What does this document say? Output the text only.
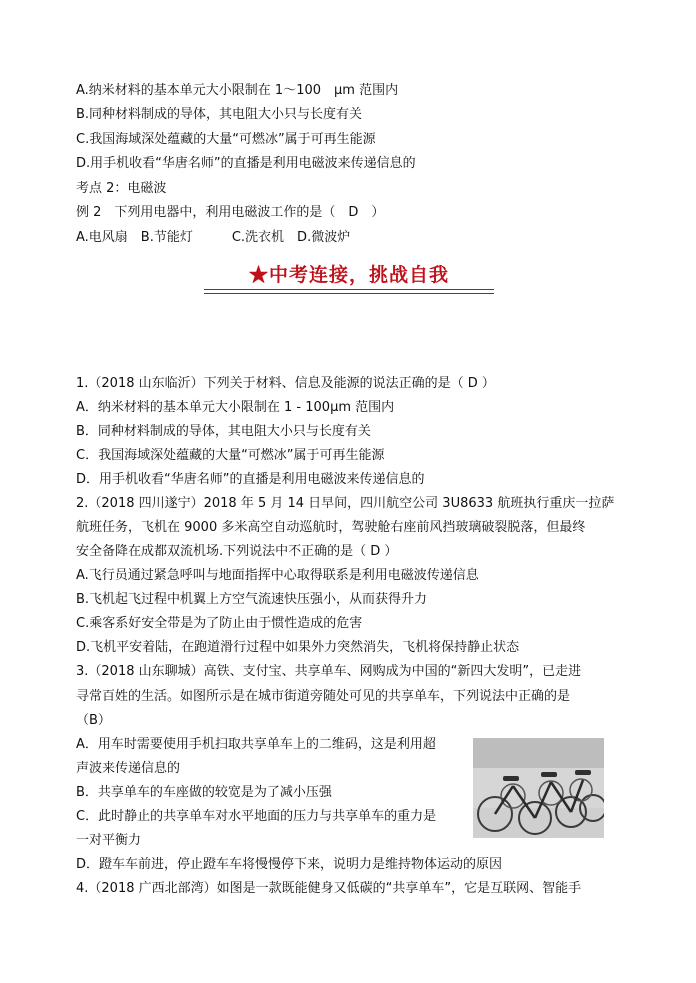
A.纳米材料的基本单元大小限制在 1～100　μm 范围内
B.同种材料制成的导体，其电阻大小只与长度有关
C.我国海域深处蕴藏的大量“可燃冰”属于可再生能源
D.用手机收看“华唐名师”的直播是利用电磁波来传递信息的
考点 2：电磁波
例 2　下列用电器中，利用电磁波工作的是（　D　）
A.电风扇　B.节能灯　　　C.洗衣机　D.微波炉
★中考连接，挑战自我
1.（2018 山东临沂）下列关于材料、信息及能源的说法正确的是（ D ）
A．纳米材料的基本单元大小限制在 1 - 100μm 范围内
B．同种材料制成的导体，其电阻大小只与长度有关
C．我国海域深处蕴藏的大量“可燃冰”属于可再生能源
D．用手机收看“华唐名师”的直播是利用电磁波来传递信息的
2.（2018 四川遂宁）2018 年 5 月 14 日早间，四川航空公司 3U8633 航班执行重庆一拉萨
航班任务，飞机在 9000 多米高空自动巡航时，驾驶舱右座前风挡玻璃破裂脱落，但最终
安全备降在成都双流机场.下列说法中不正确的是（ D ）
A.飞行员通过紧急呼叫与地面指挥中心取得联系是利用电磁波传递信息
B.飞机起飞过程中机翼上方空气流速快压强小，从而获得升力
C.乘客系好安全带是为了防止由于惯性造成的危害
D.飞机平安着陆，在跑道滑行过程中如果外力突然消失，飞机将保持静止状态
3.（2018 山东聊城）高铁、支付宝、共享单车、网购成为中国的“新四大发明”，已走进
寻常百姓的生活。如图所示是在城市街道旁随处可见的共享单车，下列说法中正确的是
（B）
A．用车时需要使用手机扫取共享单车上的二维码，这是利用超
声波来传递信息的
B．共享单车的车座做的较宽是为了减小压强
C．此时静止的共享单车对水平地面的压力与共享单车的重力是
一对平衡力
D．蹬车车前进，停止蹬车车将慢慢停下来，说明力是维持物体运动的原因
4.（2018 广西北部湾）如图是一款既能健身又低碳的“共享单车”，它是互联网、智能手
